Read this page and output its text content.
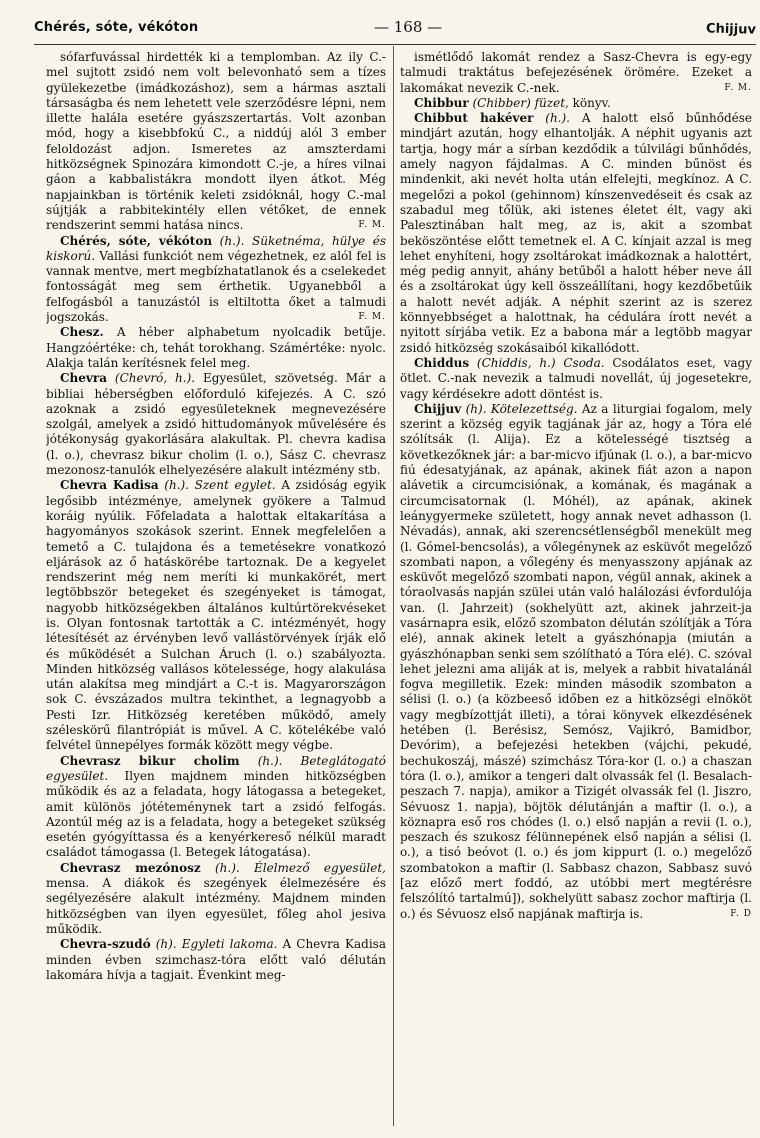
Chérés, sóte, vékóton	— 168 —	Chijjuv

sófarfuvással hirdették ki a templomban. Az ily C.-mel sujtott zsidó nem volt belevonható sem a tízes gyülekezetbe (imádkozáshoz), sem a hármas asztali társaságba és nem lehetett vele szerződésre lépni, nem illette halála esetére gyászszertartás. Volt azonban mód, hogy a kisebbfokú C., a niddúj alól 3 ember feloldozást adjon. Ismeretes az amszterdami hitközségnek Spinozára kimondott C.-je, a híres vilnai gáon a kabbalistákra mondott ilyen átkot. Még napjainkban is történik keleti zsidóknál, hogy C.-mal sújtják a rabbitekintély ellen vétőket, de ennek rendszerint semmi hatása nincs.	F. M.

Chérés, sóte, vékóton (h.). Süketnéma, hülye és kiskorú. Vallási funkciót nem végezhetnek, ez alól fel is vannak mentve, mert megbízhatatlanok és a cselekedet fontosságát meg sem érthetik. Ugyanebből a felfogásból a tanuzástól is eltiltotta őket a talmudi jogszokás.	F. M.

Chesz. A héber alphabetum nyolcadik betűje. Hangzóértéke: ch, tehát torokhang. Számértéke: nyolc. Alakja talán kerítésnek felel meg.

Chevra (Chevró, h.). Egyesület, szövetség. Már a bibliai héberségben előforduló kifejezés. A C. szó azoknak a zsidó egyesületeknek megnevezésére szolgál, amelyek a zsidó hittudományok művelésére és jótékonyság gyakorlására alakultak. Pl. chevra kadisa (l. o.), chevrasz bikur cholim (l. o.), Sász C. chevrasz mezonosz-tanulók elhelyezésére alakult intézmény stb.

Chevra Kadisa (h.). Szent egylet. A zsidóság egyik legősibb intézménye, amelynek gyökere a Talmud koráig nyúlik. Főfeladata a halottak eltakarítása a hagyományos szokások szerint. Ennek megfelelően a temető a C. tulajdona és a temetésekre vonatkozó eljárások az ő hatáskörébe tartoznak. De a kegyelet rendszerint még nem meríti ki munkakörét, mert legtöbbször betegeket és szegényeket is támogat, nagyobb hitközségekben általános kultúrtörekvéseket is. Olyan fontosnak tartották a C. intézményét, hogy létesítését az érvényben levő vallástörvények írják elő és működését a Sulchan Áruch (l. o.) szabályozta. Minden hitközség vallásos kötelessége, hogy alakulása után alakítsa meg mindjárt a C.-t is. Magyarországon sok C. évszázados multra tekinthet, a legnagyobb a Pesti Izr. Hitközség keretében működő, amely széleskörű filantrópiát is művel. A C. kötelékébe való felvétel ünnepélyes formák között megy végbe.

Chevrasz bikur cholim (h.). Beteglátogató egyesület. Ilyen majdnem minden hitközségben működik és az a feladata, hogy látogassa a betegeket, amit különös jótéteménynek tart a zsidó felfogás. Azontúl még az is a feladata, hogy a betegeket szükség esetén gyógyíttassa és a kenyérkereső nélkül maradt családot támogassa (l. Betegek látogatása).

Chevrasz mezónosz (h.). Élelmező egyesület, mensa. A diákok és szegények élelmezésére és segélyezésére alakult intézmény. Majdnem minden hitközségben van ilyen egyesület, főleg ahol jesiva működik.

Chevra-szudó (h). Egyleti lakoma. A Chevra Kadisa minden évben szimchasz-tóra előtt való délután lakomára hívja a tagjait. Évenkint meg-

ismétlődő lakomát rendez a Sasz-Chevra is egy-egy talmudi traktátus befejezésének örömére. Ezeket a lakomákat nevezik C.-nek.	F. M.

Chibbur (Chibber) füzet, könyv.

Chibbut hakéver (h.). A halott első bűnhődése mindjárt azután, hogy elhantolják. A néphit ugyanis azt tartja, hogy már a sírban kezdődik a túlvilági bűnhődés, amely nagyon fájdalmas. A C. minden bűnöst és mindenkit, aki nevét holta után elfelejti, megkínoz. A C. megelőzi a pokol (gehinnom) kínszenvedéseit és csak az szabadul meg tőlük, aki istenes életet élt, vagy aki Palesztinában halt meg, az is, akit a szombat beköszöntése előtt temetnek el. A C. kínjait azzal is meg lehet enyhíteni, hogy zsoltárokat imádkoznak a halottért, még pedig annyit, ahány betűből a halott héber neve áll és a zsoltárokat úgy kell összeállítani, hogy kezdőbetűik a halott nevét adják. A néphit szerint az is szerez könnyebbséget a halottnak, ha cédulára írott nevét a nyitott sírjába vetik. Ez a babona már a legtöbb magyar zsidó hitközség szokásaiból kikallódott.

Chiddus (Chiddis, h.) Csoda. Csodálatos eset, vagy ötlet. C.-nak nevezik a talmudi novellát, új jogesetekre, vagy kérdésekre adott döntést is.

Chijjuv (h). Kötelezettség. Az a liturgiai fogalom, mely szerint a község egyik tagjának jár az, hogy a Tóra elé szólítsák (l. Alija). Ez a kötelességé tisztség a következőknek jár: a bar-micvo ifjúnak (l. o.), a bar-micvo fiú édesatyjának, az apának, akinek fiát azon a napon alávetik a circumcisiónak, a komának, és magának a circumcisatornak (l. Móhél), az apának, akinek leánygyermeke született, hogy annak nevet adhasson (l. Névadás), annak, aki szerencsétlenségből menekült meg (l. Gómel-bencsolás), a vőlegénynek az esküvőt megelőző szombati napon, a vőlegény és menyasszony apjának az esküvőt megelőző szombati napon, végül annak, akinek a tóraolvasás napján szülei után való halálozási évfordulója van. (l. Jahrzeit) (sokhelyütt azt, akinek jahrzeit-ja vasárnapra esik, előző szombaton délután szólítják a Tóra elé), annak akinek letelt a gyászhónapja (miután a gyászhónapban senki sem szólítható a Tóra elé). C. szóval lehet jelezni ama aliják at is, melyek a rabbit hivatalánál fogva megilletik. Ezek: minden második szombaton a sélisi (l. o.) (a közbeeső időben ez a hitközségi elnököt vagy megbízottját illeti), a tórai könyvek elkezdésének hetében (l. Berésisz, Semósz, Vajikró, Bamidbor, Devórim), a befejezési hetekben (vájchi, pekudé, bechukoszáj, mászé) szimchász Tóra-kor (l. o.) a chaszan tóra (l. o.), amikor a tengeri dalt olvassák fel (l. Besalach-peszach 7. napja), amikor a Tizigét olvassák fel (l. Jiszro, Sévuosz 1. napja), böjtök délutánján a maftir (l. o.), a köznapra eső ros chódes (l. o.) első napján a revii (l. o.), peszach és szukosz félünnepének első napján a sélisi (l. o.), a tisó beóvot (l. o.) és jom kippurt (l. o.) megelőző szombatokon a maftir (l. Sabbasz chazon, Sabbasz suvó [az előző mert foddó, az utóbbi mert megtérésre felszólító tartalmú]), sokhelyütt sabasz zochor maftirja (l. o.) és Sévuosz első napjának maftirja is.	F. D
